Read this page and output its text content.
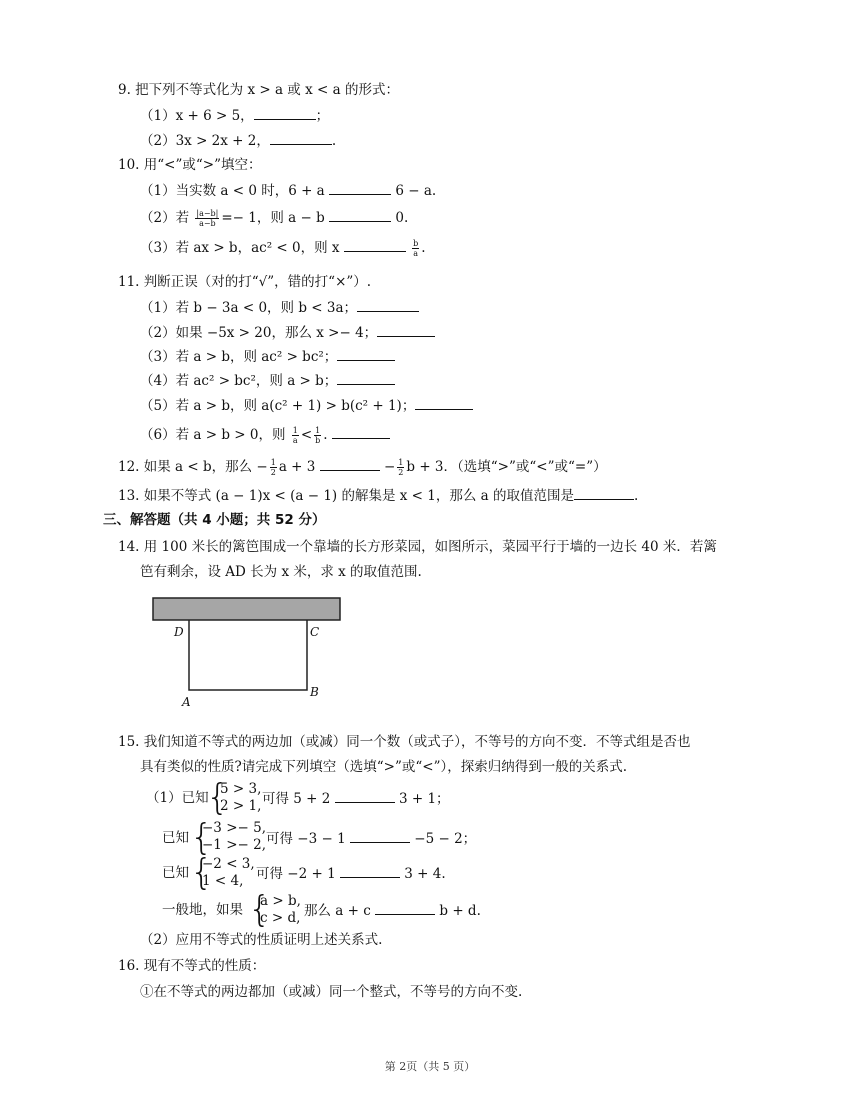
9. 把下列不等式化为 x > a 或 x < a 的形式：
（1）x + 6 > 5，	；
（2）3x > 2x + 2，	.
10. 用“<”或“>”填空：
（1）当实数 a < 0 时，6 + a	6 − a.
（2）若 $\frac{|a-b|}{a-b} =- 1$，则 a − b	0.
（3）若 ax > b，ac² < 0，则 x	$\frac{b}{a}$ .
11. 判断正误（对的打“√”，错的打“×”）.
（1）若 b − 3a < 0，则 b < 3a；
（2）如果 −5x > 20，那么 x >− 4；
（3）若 a > b，则 ac² > bc²；
（4）若 ac² > bc²，则 a > b；
（5）若 a > b，则 a(c² + 1) > b(c² + 1)；
（6）若 a > b > 0，则 $\frac{1}{a} < \frac{1}{b}$ .
12. 如果 a < b，那么 − $\frac{1}{2}$ a + 3	− $\frac{1}{2}$ b + 3．（选填“>”或“<”或“=”）
13. 如果不等式 (a − 1)x < (a − 1) 的解集是 x < 1，那么 a 的取值范围是	.
三、解答题（共 4 小题；共 52 分）
14. 用 100 米长的篱笆围成一个靠墙的长方形菜园，如图所示，菜园平行于墙的一边长 40 米．若篱
笆有剩余，设 AD 长为 x 米，求 x 的取值范围.
D	C
A
B
15. 我们知道不等式的两边加（或减）同一个数（或式子），不等号的方向不变．不等式组是否也
具有类似的性质?请完成下列填空（选填“>”或“<”），探索归纳得到一般的关系式.
（1）已知
{
5 > 3,
2 > 1, 可得 5 + 2	3 + 1；
已知 {
−3 >− 5,
−1 >− 2, 可得 −3 − 1	−5 − 2；
已知 {
−2 < 3,
1 < 4, 可得 −2 + 1	3 + 4.
一般地，如果 {
a > b,
c > d, 那么 a + c	b + d.
（2）应用不等式的性质证明上述关系式.
16. 现有不等式的性质：
①在不等式的两边都加（或减）同一个整式，不等号的方向不变.
第 2页（共 5 页）
